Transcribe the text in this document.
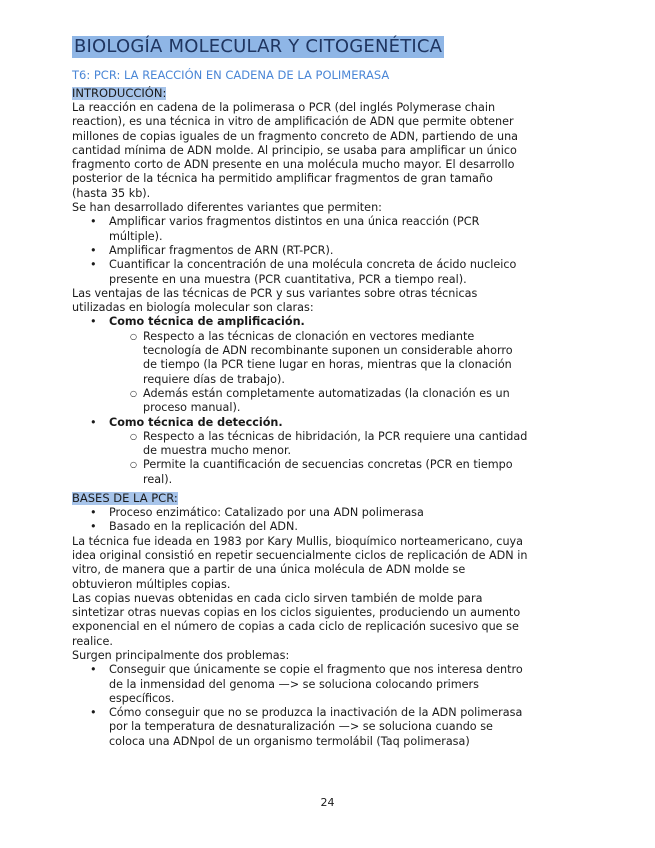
BIOLOGÍA MOLECULAR Y CITOGENÉTICA
T6: PCR: LA REACCIÓN EN CADENA DE LA POLIMERASA
INTRODUCCIÓN:

La reacción en cadena de la polimerasa o PCR (del inglés Polymerase chain reaction), es una técnica in vitro de amplificación de ADN que permite obtener millones de copias iguales de un fragmento concreto de ADN, partiendo de una cantidad mínima de ADN molde. Al principio, se usaba para amplificar un único fragmento corto de ADN presente en una molécula mucho mayor. El desarrollo posterior de la técnica ha permitido amplificar fragmentos de gran tamaño (hasta 35 kb).

Se han desarrollado diferentes variantes que permiten:

• Amplificar varios fragmentos distintos en una única reacción (PCR múltiple).
• Amplificar fragmentos de ARN (RT-PCR).
• Cuantificar la concentración de una molécula concreta de ácido nucleico presente en una muestra (PCR cuantitativa, PCR a tiempo real).

Las ventajas de las técnicas de PCR y sus variantes sobre otras técnicas utilizadas en biología molecular son claras:

• Como técnica de amplificación.
○ Respecto a las técnicas de clonación en vectores mediante tecnología de ADN recombinante suponen un considerable ahorro de tiempo (la PCR tiene lugar en horas, mientras que la clonación requiere días de trabajo).
○ Además están completamente automatizadas (la clonación es un proceso manual).
• Como técnica de detección.
○ Respecto a las técnicas de hibridación, la PCR requiere una cantidad de muestra mucho menor.
○ Permite la cuantificación de secuencias concretas (PCR en tiempo real).
BASES DE LA PCR:
• Proceso enzimático: Catalizado por una ADN polimerasa
• Basado en la replicación del ADN.

La técnica fue ideada en 1983 por Kary Mullis, bioquímico norteamericano, cuya idea original consistió en repetir secuencialmente ciclos de replicación de ADN in vitro, de manera que a partir de una única molécula de ADN molde se obtuvieron múltiples copias.

Las copias nuevas obtenidas en cada ciclo sirven también de molde para sintetizar otras nuevas copias en los ciclos siguientes, produciendo un aumento exponencial en el número de copias a cada ciclo de replicación sucesivo que se realice.

Surgen principalmente dos problemas:

• Conseguir que únicamente se copie el fragmento que nos interesa dentro de la inmensidad del genoma —> se soluciona colocando primers específicos.
• Cómo conseguir que no se produzca la inactivación de la ADN polimerasa por la temperatura de desnaturalización —> se soluciona cuando se coloca una ADNpol de un organismo termolábil (Taq polimerasa)
24
